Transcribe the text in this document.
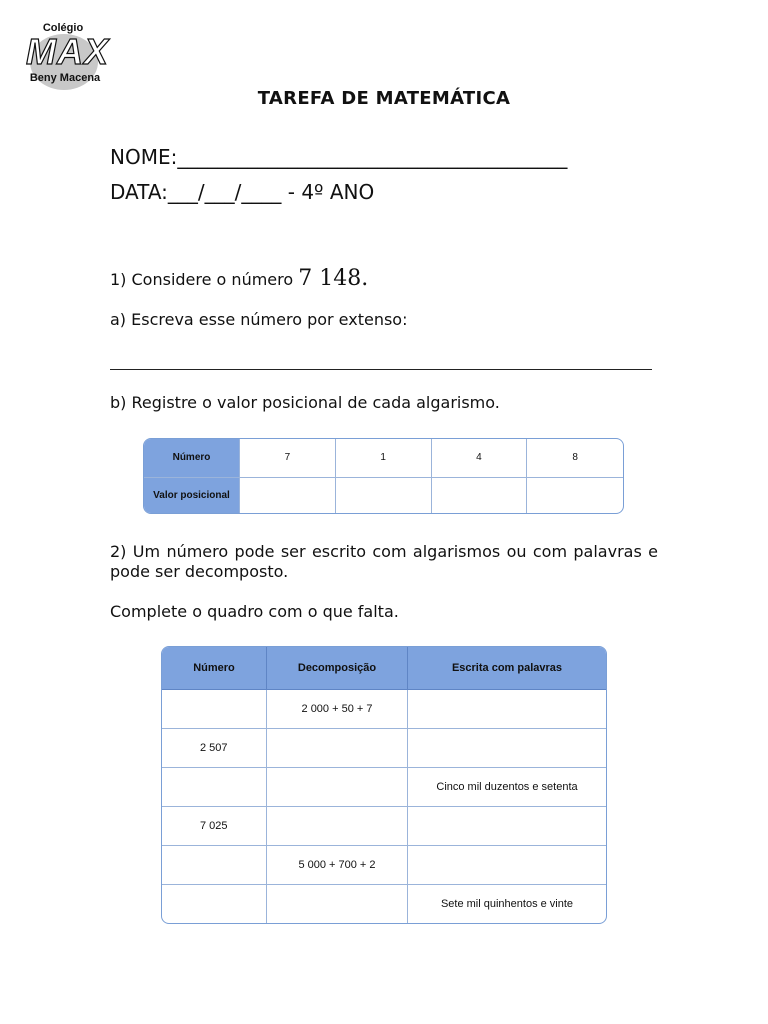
Colégio
MAX
Beny Macena
TAREFA DE MATEMÁTICA
NOME:_______________________________________
DATA:___/___/____ - 4º ANO
1) Considere o número 7 148.
a) Escreva esse número por extenso:
b) Registre o valor posicional de cada algarismo.
Número	7	1	4	8
Valor posicional				
2) Um número pode ser escrito com algarismos ou com palavras e pode ser decomposto.
Complete o quadro com o que falta.
Número	Decomposição	Escrita com palavras
	2 000 + 50 + 7	
2 507		
		Cinco mil duzentos e setenta
7 025		
	5 000 + 700 + 2	
		Sete mil quinhentos e vinte
